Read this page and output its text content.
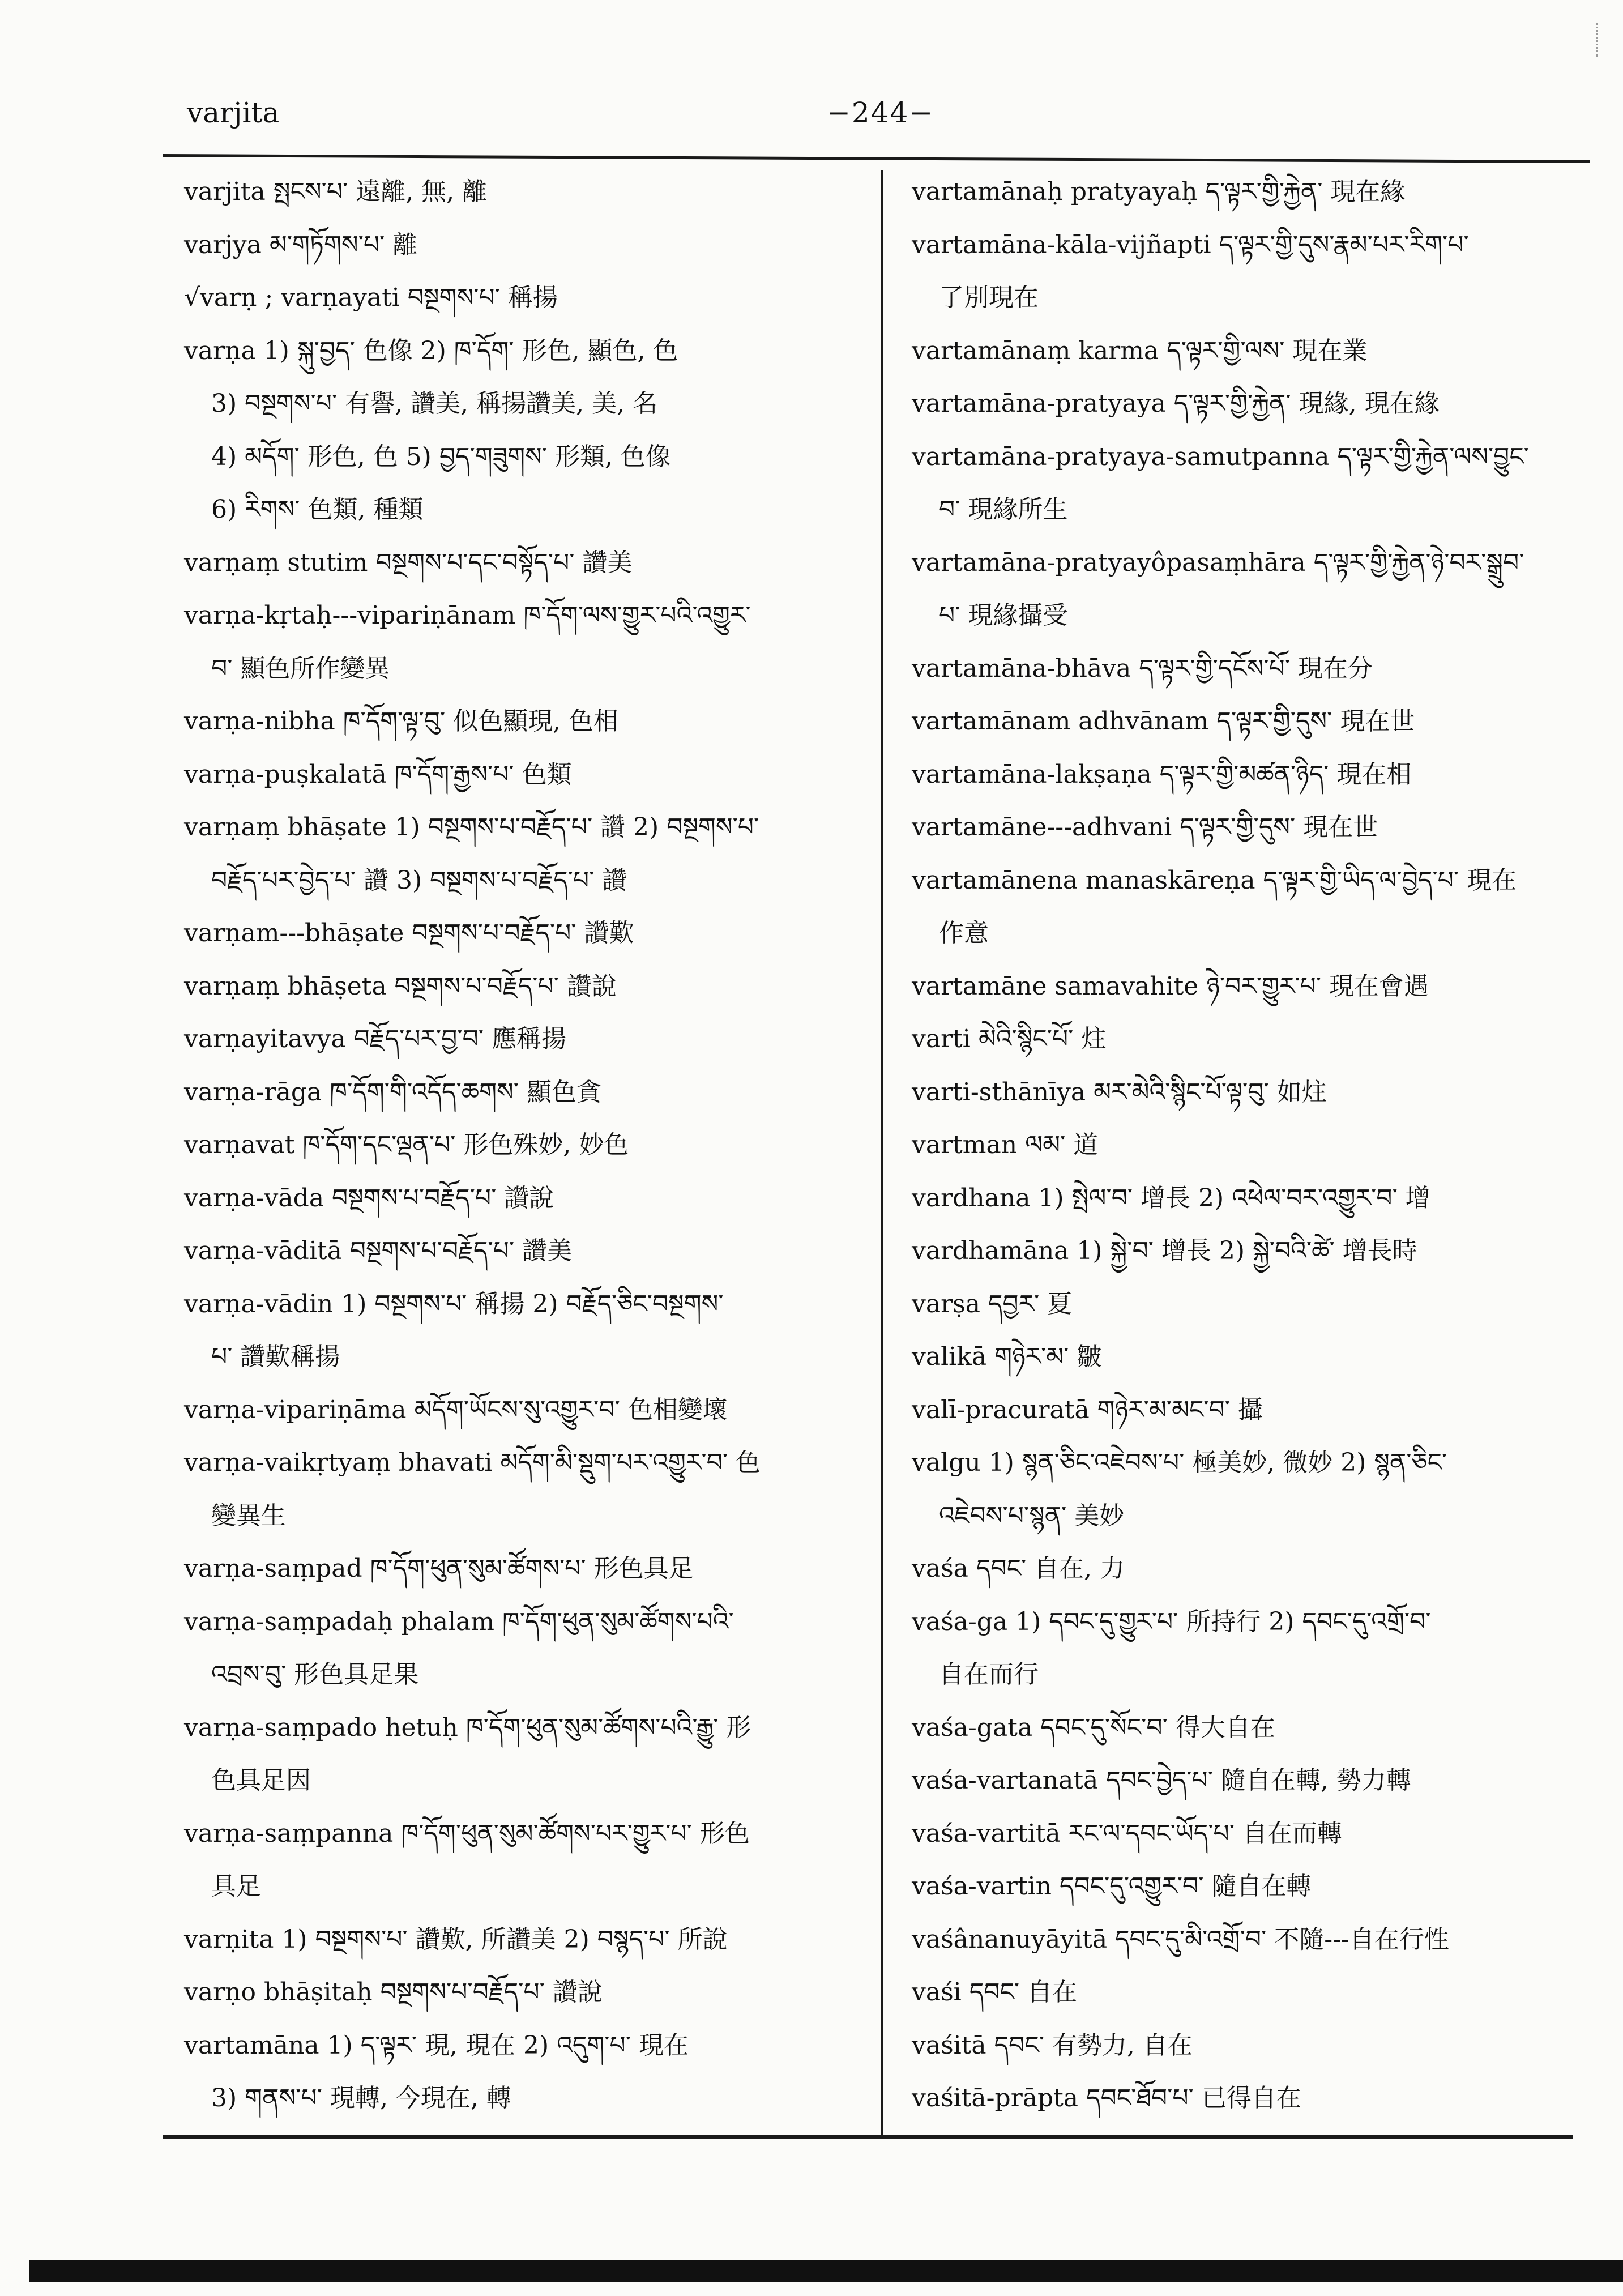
varjita	−244−
varjita སྤངས་པ་ 遠離, 無, 離
varjya མ་གཏོགས་པ་ 離
√varṇ ; varṇayati བསྔགས་པ་ 稱揚
varṇa 1) སྐུ་བྱད་ 色像 2) ཁ་དོག་ 形色, 顯色, 色
3) བསྔགས་པ་ 有譽, 讚美, 稱揚讚美, 美, 名
4) མདོག་ 形色, 色 5) བྱད་གཟུགས་ 形類, 色像
6) རིགས་ 色類, 種類
varṇaṃ stutim བསྔགས་པ་དང་བསྟོད་པ་ 讚美
varṇa-kṛtaḥ---vipariṇānam ཁ་དོག་ལས་གྱུར་པའི་འགྱུར་
བ་ 顯色所作變異
varṇa-nibha ཁ་དོག་ལྟ་བུ་ 似色顯現, 色相
varṇa-puṣkalatā ཁ་དོག་རྒྱས་པ་ 色類
varṇaṃ bhāṣate 1) བསྔགས་པ་བརྗོད་པ་ 讚 2) བསྔགས་པ་
བརྗོད་པར་བྱེད་པ་ 讚 3) བསྔགས་པ་བརྗོད་པ་ 讚
varṇam---bhāṣate བསྔགས་པ་བརྗོད་པ་ 讚歎
varṇaṃ bhāṣeta བསྔགས་པ་བརྗོད་པ་ 讚說
varṇayitavya བརྗོད་པར་བྱ་བ་ 應稱揚
varṇa-rāga ཁ་དོག་གི་འདོད་ཆགས་ 顯色貪
varṇavat ཁ་དོག་དང་ལྡན་པ་ 形色殊妙, 妙色
varṇa-vāda བསྔགས་པ་བརྗོད་པ་ 讚說
varṇa-vāditā བསྔགས་པ་བརྗོད་པ་ 讚美
varṇa-vādin 1) བསྔགས་པ་ 稱揚 2) བརྗོད་ཅིང་བསྔགས་
པ་ 讚歎稱揚
varṇa-vipariṇāma མདོག་ཡོངས་སུ་འགྱུར་བ་ 色相變壞
varṇa-vaikṛtyaṃ bhavati མདོག་མི་སྡུག་པར་འགྱུར་བ་ 色
變異生
varṇa-saṃpad ཁ་དོག་ཕུན་སུམ་ཚོགས་པ་ 形色具足
varṇa-saṃpadaḥ phalam ཁ་དོག་ཕུན་སུམ་ཚོགས་པའི་
འབྲས་བུ་ 形色具足果
varṇa-saṃpado hetuḥ ཁ་དོག་ཕུན་སུམ་ཚོགས་པའི་རྒྱུ་ 形
色具足因
varṇa-saṃpanna ཁ་དོག་ཕུན་སུམ་ཚོགས་པར་གྱུར་པ་ 形色
具足
varṇita 1) བསྔགས་པ་ 讚歎, 所讚美 2) བསྙད་པ་ 所說
varṇo bhāṣitaḥ བསྔགས་པ་བརྗོད་པ་ 讚說
vartamāna 1) ད་ལྟར་ 現, 現在 2) འདུག་པ་ 現在
3) གནས་པ་ 現轉, 今現在, 轉
vartamānaḥ pratyayaḥ ད་ལྟར་གྱི་རྐྱེན་ 現在緣
vartamāna-kāla-vijñapti ད་ལྟར་གྱི་དུས་རྣམ་པར་རིག་པ་
了別現在
vartamānaṃ karma ད་ལྟར་གྱི་ལས་ 現在業
vartamāna-pratyaya ད་ལྟར་གྱི་རྐྱེན་ 現緣, 現在緣
vartamāna-pratyaya-samutpanna ད་ལྟར་གྱི་རྐྱེན་ལས་བྱུང་
བ་ 現緣所生
vartamāna-pratyayôpasaṃhāra ད་ལྟར་གྱི་རྐྱེན་ཉེ་བར་སྒྲུབ་
པ་ 現緣攝受
vartamāna-bhāva ད་ལྟར་གྱི་དངོས་པོ་ 現在分
vartamānam adhvānam ད་ལྟར་གྱི་དུས་ 現在世
vartamāna-lakṣaṇa ད་ལྟར་གྱི་མཚན་ཉིད་ 現在相
vartamāne---adhvani ད་ལྟར་གྱི་དུས་ 現在世
vartamānena manaskāreṇa ད་ལྟར་གྱི་ཡིད་ལ་བྱེད་པ་ 現在
作意
vartamāne samavahite ཉེ་བར་གྱུར་པ་ 現在會遇
varti མེའི་སྙིང་པོ་ 炷
varti-sthānīya མར་མེའི་སྙིང་པོ་ལྟ་བུ་ 如炷
vartman ལམ་ 道
vardhana 1) སྤེལ་བ་ 增長 2) འཕེལ་བར་འགྱུར་བ་ 增
vardhamāna 1) སྐྱེ་བ་ 增長 2) སྐྱེ་བའི་ཚེ་ 增長時
varṣa དབྱར་ 夏
valikā གཉེར་མ་ 皺
valī-pracuratā གཉེར་མ་མང་བ་ 攝
valgu 1) སྙན་ཅིང་འཇེབས་པ་ 極美妙, 微妙 2) སྙན་ཅིང་
འཇེབས་པ་སྙན་ 美妙
vaśa དབང་ 自在, 力
vaśa-ga 1) དབང་དུ་གྱུར་པ་ 所持行 2) དབང་དུ་འགྲོ་བ་
自在而行
vaśa-gata དབང་དུ་སོང་བ་ 得大自在
vaśa-vartanatā དབང་བྱེད་པ་ 隨自在轉, 勢力轉
vaśa-vartitā རང་ལ་དབང་ཡོད་པ་ 自在而轉
vaśa-vartin དབང་དུ་འགྱུར་བ་ 隨自在轉
vaśânanuyāyitā དབང་དུ་མི་འགྲོ་བ་ 不隨---自在行性
vaśi དབང་ 自在
vaśitā དབང་ 有勢力, 自在
vaśitā-prāpta དབང་ཐོབ་པ་ 已得自在
